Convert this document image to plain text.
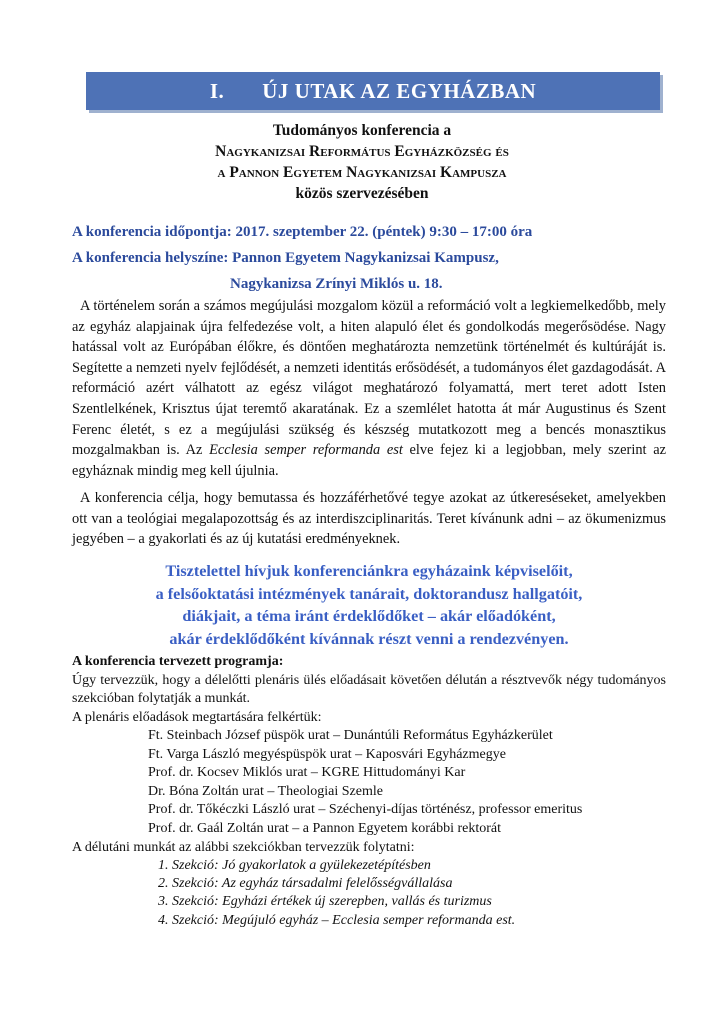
I. ÚJ UTAK AZ EGYHÁZBAN
Tudományos konferencia a
Nagykanizsai Református Egyházközség és
a Pannon Egyetem Nagykanizsai Kampusza
közös szervezésében
A konferencia időpontja: 2017. szeptember 22. (péntek) 9:30 – 17:00 óra
A konferencia helyszíne: Pannon Egyetem Nagykanizsai Kampusz,
Nagykanizsa Zrínyi Miklós u. 18.
A történelem során a számos megújulási mozgalom közül a reformáció volt a legkiemelkedőbb, mely az egyház alapjainak újra felfedezése volt, a hiten alapuló élet és gondolkodás megerősödése. Nagy hatással volt az Európában élőkre, és döntően meghatározta nemzetünk történelmét és kultúráját is. Segítette a nemzeti nyelv fejlődését, a nemzeti identitás erősödését, a tudományos élet gazdagodását. A reformáció azért válhatott az egész világot meghatározó folyamattá, mert teret adott Isten Szentlelkének, Krisztus újat teremtő akaratának. Ez a szemlélet hatotta át már Augustinus és Szent Ferenc életét, s ez a megújulási szükség és készség mutatkozott meg a bencés monasztikus mozgalmakban is. Az Ecclesia semper reformanda est elve fejez ki a legjobban, mely szerint az egyháznak mindig meg kell újulnia.
A konferencia célja, hogy bemutassa és hozzáférhetővé tegye azokat az útkereséseket, amelyekben ott van a teológiai megalapozottság és az interdiszciplinaritás. Teret kívánunk adni – az ökumenizmus jegyében – a gyakorlati és az új kutatási eredményeknek.
Tisztelettel hívjuk konferenciánkra egyházaink képviselőit,
a felsőoktatási intézmények tanárait, doktorandusz hallgatóit,
diákjait, a téma iránt érdeklődőket – akár előadóként,
akár érdeklődőként kívánnak részt venni a rendezvényen.
A konferencia tervezett programja:
Úgy tervezzük, hogy a délelőtti plenáris ülés előadásait követően délután a résztvevők négy tudományos szekcióban folytatják a munkát.
A plenáris előadások megtartására felkértük:
Ft. Steinbach József püspök urat – Dunántúli Református Egyházkerület
Ft. Varga László megyéspüspök urat – Kaposvári Egyházmegye
Prof. dr. Kocsev Miklós urat – KGRE Hittudományi Kar
Dr. Bóna Zoltán urat – Theologiai Szemle
Prof. dr. Tőkéczki László urat – Széchenyi-díjas történész, professor emeritus
Prof. dr. Gaál Zoltán urat – a Pannon Egyetem korábbi rektorát
A délutáni munkát az alábbi szekciókban tervezzük folytatni:
1. Szekció: Jó gyakorlatok a gyülekezetépítésben
2. Szekció: Az egyház társadalmi felelősségvállalása
3. Szekció: Egyházi értékek új szerepben, vallás és turizmus
4. Szekció: Megújuló egyház – Ecclesia semper reformanda est.
